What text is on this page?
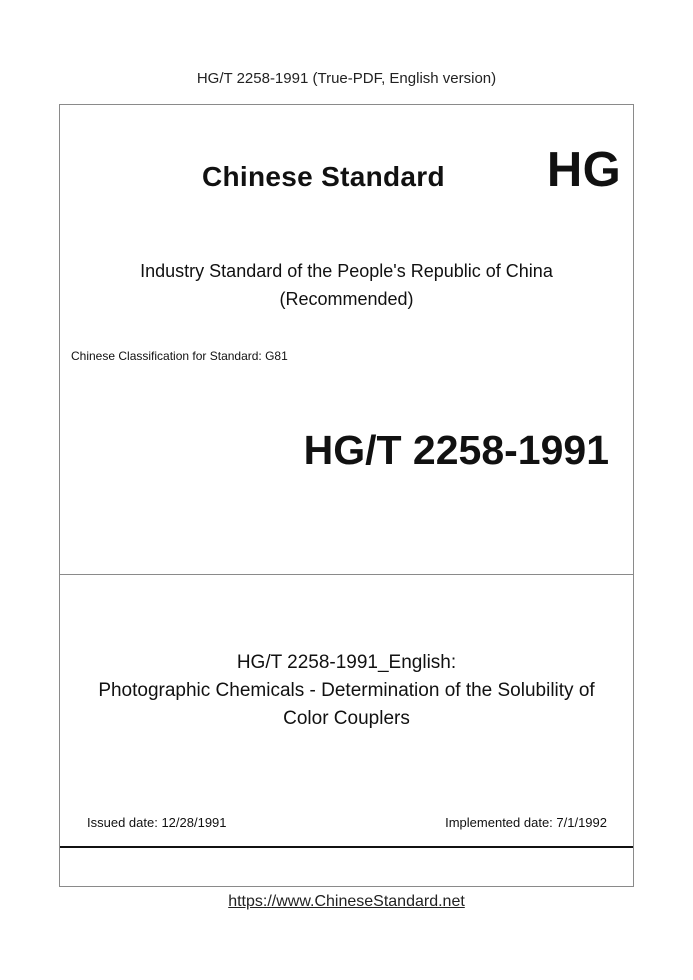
HG/T 2258-1991 (True-PDF, English version)
Chinese Standard HG
Industry Standard of the People's Republic of China
(Recommended)
Chinese Classification for Standard: G81
HG/T 2258-1991
HG/T 2258-1991_English:
Photographic Chemicals - Determination of the Solubility of
Color Couplers
Issued date: 12/28/1991	Implemented date: 7/1/1992
https://www.ChineseStandard.net
